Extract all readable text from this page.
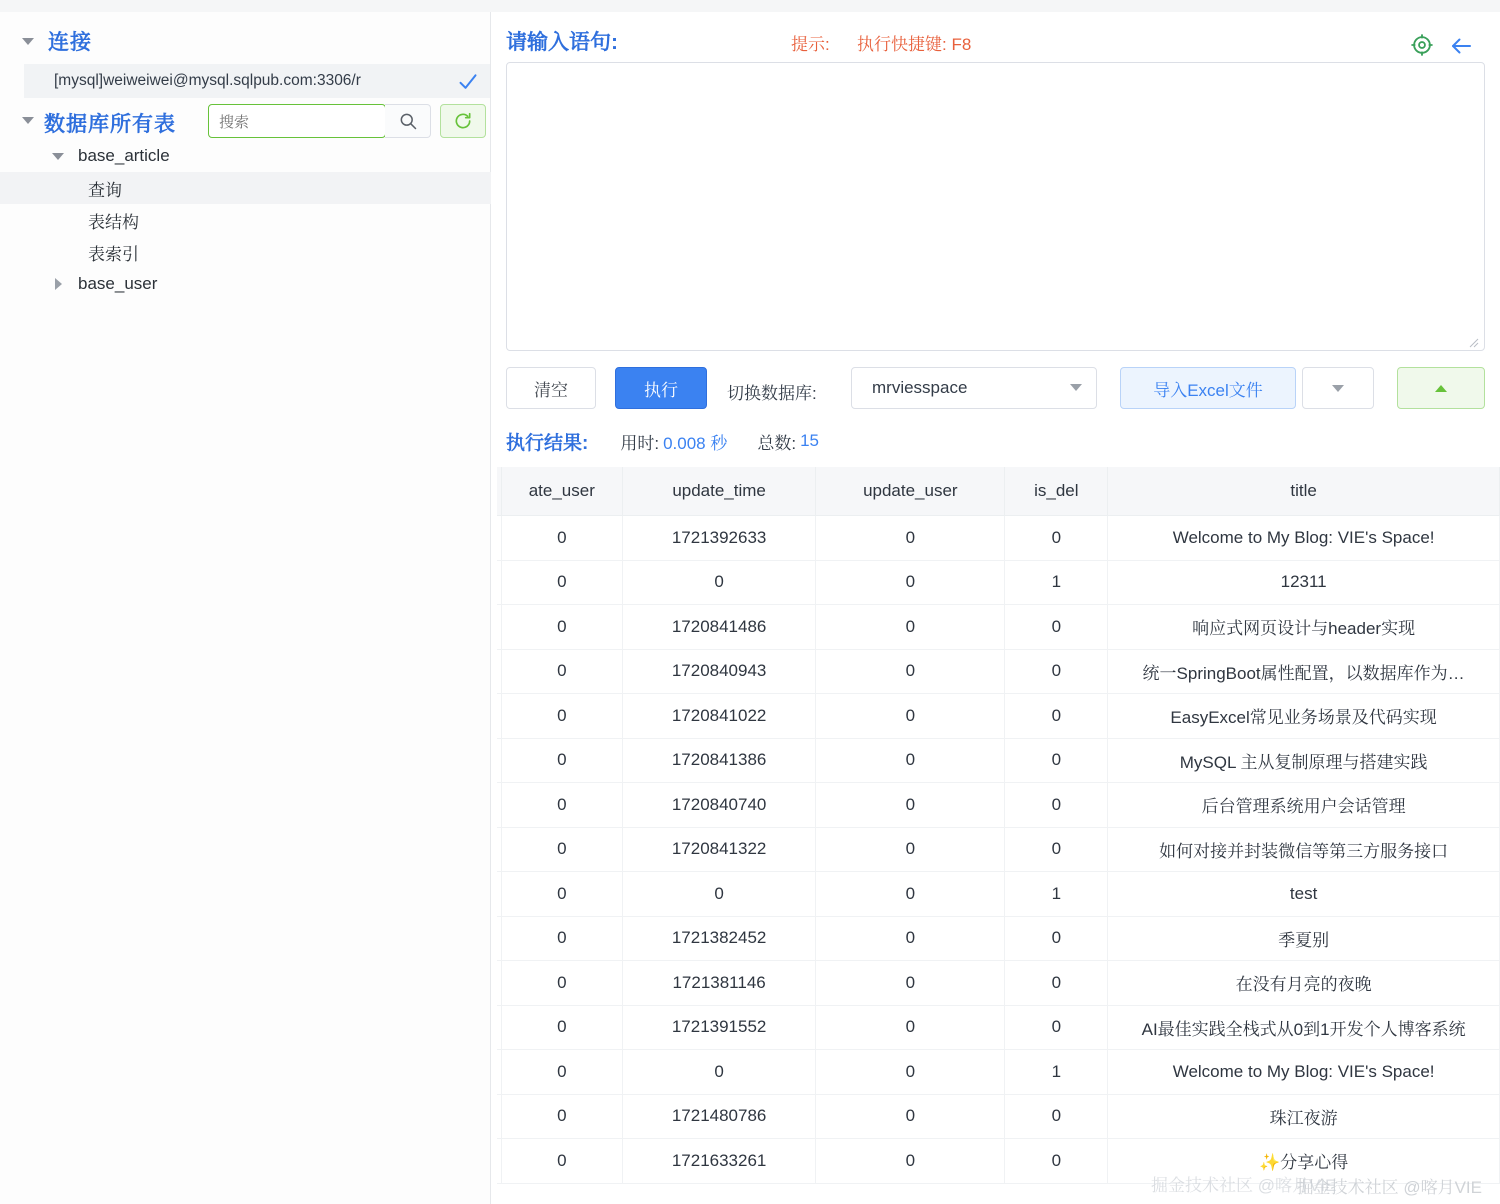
连接
[mysql]weiweiwei@mysql.sqlpub.com:3306/r
数据库所有表
搜索
base_article
查询
表结构
表索引
base_user
请输入语句:	提示: 执行快捷键: F8
清空	执行	切换数据库:	mrviesspace	导入Excel文件
执行结果: 用时: 0.008 秒 总数: 15
	ate_user	update_time	update_user	is_del	title
	0	1721392633	0	0	Welcome to My Blog: VIE's Space!
	0	0	0	1	12311
	0	1720841486	0	0	响应式网页设计与header实现
	0	1720840943	0	0	统一SpringBoot属性配置，以数据库作为…
	0	1720841022	0	0	EasyExcel常见业务场景及代码实现
	0	1720841386	0	0	MySQL 主从复制原理与搭建实践
	0	1720840740	0	0	后台管理系统用户会话管理
	0	1720841322	0	0	如何对接并封装微信等第三方服务接口
	0	0	0	1	test
	0	1721382452	0	0	季夏别
	0	1721381146	0	0	在没有月亮的夜晚
	0	1721391552	0	0	AI最佳实践全栈式从0到1开发个人博客系统
	0	0	0	1	Welcome to My Blog: VIE's Space!
	0	1721480786	0	0	珠江夜游
	0	1721633261	0	0	✨分享心得
掘金技术社区 @喀月VIE
掘金技术社区 @喀月VIE
